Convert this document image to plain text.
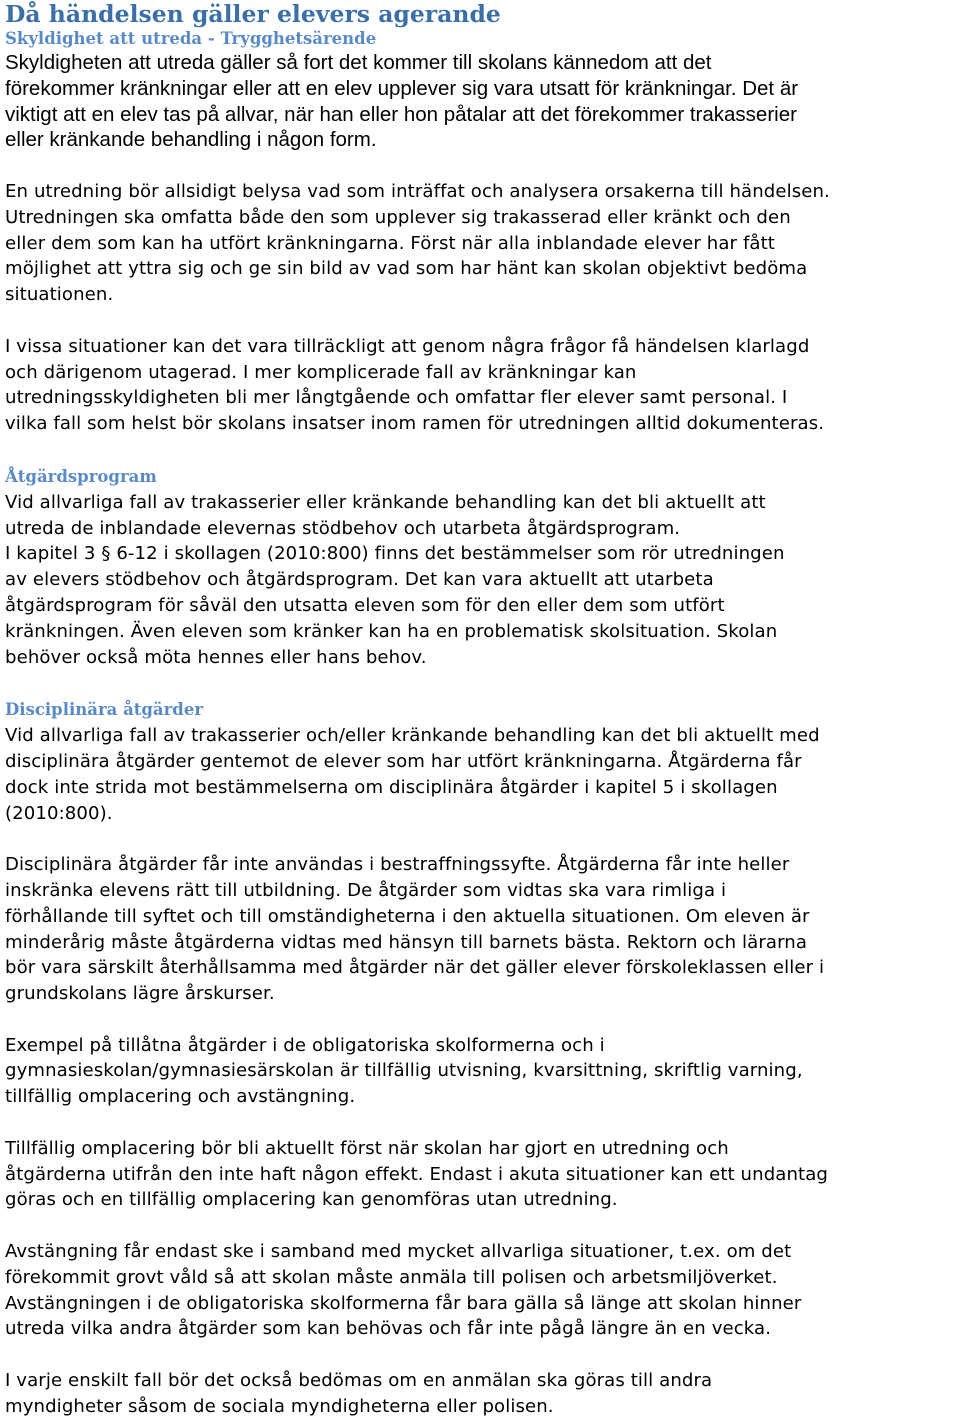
Då händelsen gäller elevers agerande
Skyldighet att utreda - Trygghetsärende

Skyldigheten att utreda gäller så fort det kommer till skolans kännedom att det
förekommer kränkningar eller att en elev upplever sig vara utsatt för kränkningar. Det är
viktigt att en elev tas på allvar, när han eller hon påtalar att det förekommer trakasserier
eller kränkande behandling i någon form.

En utredning bör allsidigt belysa vad som inträffat och analysera orsakerna till händelsen.
Utredningen ska omfatta både den som upplever sig trakasserad eller kränkt och den
eller dem som kan ha utfört kränkningarna. Först när alla inblandade elever har fått
möjlighet att yttra sig och ge sin bild av vad som har hänt kan skolan objektivt bedöma
situationen.

I vissa situationer kan det vara tillräckligt att genom några frågor få händelsen klarlagd
och därigenom utagerad. I mer komplicerade fall av kränkningar kan
utredningsskyldigheten bli mer långtgående och omfattar fler elever samt personal. I
vilka fall som helst bör skolans insatser inom ramen för utredningen alltid dokumenteras.

Åtgärdsprogram

Vid allvarliga fall av trakasserier eller kränkande behandling kan det bli aktuellt att
utreda de inblandade elevernas stödbehov och utarbeta åtgärdsprogram.
I kapitel 3 § 6-12 i skollagen (2010:800) finns det bestämmelser som rör utredningen
av elevers stödbehov och åtgärdsprogram. Det kan vara aktuellt att utarbeta
åtgärdsprogram för såväl den utsatta eleven som för den eller dem som utfört
kränkningen. Även eleven som kränker kan ha en problematisk skolsituation. Skolan
behöver också möta hennes eller hans behov.

Disciplinära åtgärder

Vid allvarliga fall av trakasserier och/eller kränkande behandling kan det bli aktuellt med
disciplinära åtgärder gentemot de elever som har utfört kränkningarna. Åtgärderna får
dock inte strida mot bestämmelserna om disciplinära åtgärder i kapitel 5 i skollagen
(2010:800).

Disciplinära åtgärder får inte användas i bestraffningssyfte. Åtgärderna får inte heller
inskränka elevens rätt till utbildning. De åtgärder som vidtas ska vara rimliga i
förhållande till syftet och till omständigheterna i den aktuella situationen. Om eleven är
minderårig måste åtgärderna vidtas med hänsyn till barnets bästa. Rektorn och lärarna
bör vara särskilt återhållsamma med åtgärder när det gäller elever förskoleklassen eller i
grundskolans lägre årskurser.

Exempel på tillåtna åtgärder i de obligatoriska skolformerna och i
gymnasieskolan/gymnasiesärskolan är tillfällig utvisning, kvarsittning, skriftlig varning,
tillfällig omplacering och avstängning.

Tillfällig omplacering bör bli aktuellt först när skolan har gjort en utredning och
åtgärderna utifrån den inte haft någon effekt. Endast i akuta situationer kan ett undantag
göras och en tillfällig omplacering kan genomföras utan utredning.

Avstängning får endast ske i samband med mycket allvarliga situationer, t.ex. om det
förekommit grovt våld så att skolan måste anmäla till polisen och arbetsmiljöverket.
Avstängningen i de obligatoriska skolformerna får bara gälla så länge att skolan hinner
utreda vilka andra åtgärder som kan behövas och får inte pågå längre än en vecka.

I varje enskilt fall bör det också bedömas om en anmälan ska göras till andra
myndigheter såsom de sociala myndigheterna eller polisen.
